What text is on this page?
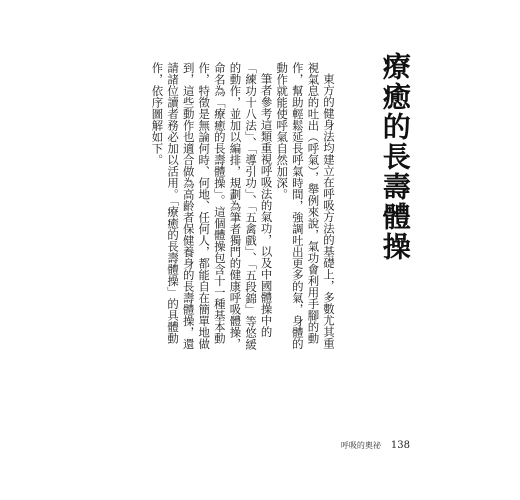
療癒的長壽體操

東方的健身法均建立在呼吸方法的基礎上，多數尤其重視氣息的吐出（呼氣），舉例來說，氣功會利用手腳的動作，幫助輕鬆延長呼氣時間，強調吐出更多的氣，身體的動作就能使呼氣自然加深。

筆者參考這類重視呼吸法的氣功，以及中國體操中的「練功十八法」、「導引功」、「五禽戲」、「五段錦」等悠緩的動作，並加以編排，規劃為筆者獨門的健康呼吸體操，命名為「療癒的長壽體操」。這個體操包含十一種基本動作，特徵是無論何時、何地、任何人，都能自在簡單地做到，這些動作也適合做為高齡者保健養身的長壽體操，還請諸位讀者務必加以活用。「療癒的長壽體操」的具體動作，依序圖解如下。

呼吸的奧祕 138
